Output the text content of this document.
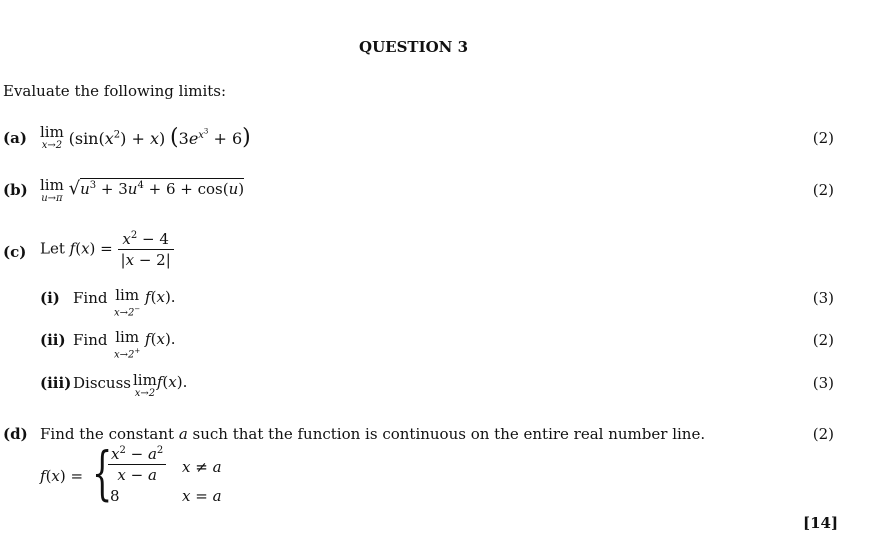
QUESTION 3
Evaluate the following limits:
(a) lim
x→2 $(\sin(x^2) + x) (3e^{x^3} + 6)$	(2)
(b) lim
u→π $√u^3 + 3u^4 + 6 + \cos(u)$	(2)
(c) Let $f(x) = \frac{x^2 - 4}{|x - 2|}$
(i) Find lim
x→2−
f(x).	(3)
(ii) Find lim
x→2+
f(x).	(2)
(iii) Discuss lim
x→2
f(x).	(3)
(d) Find the constant a such that the function is continuous on the entire real number line.	(2)
f(x) = {
$\frac{x^2 - a^2}{x - a}$ x ≠ a
8	x = a
[14]
